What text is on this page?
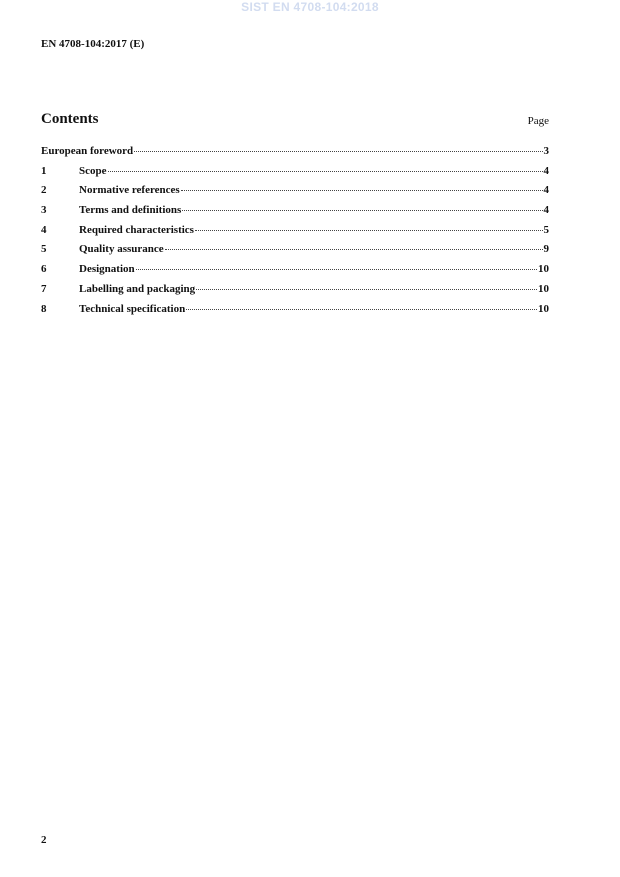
SIST EN 4708-104:2018
EN 4708-104:2017 (E)
Contents	Page
European foreword	3
1	Scope	4
2	Normative references	4
3	Terms and definitions	4
4	Required characteristics	5
5	Quality assurance	9
6	Designation	10
7	Labelling and packaging	10
8	Technical specification	10
2
